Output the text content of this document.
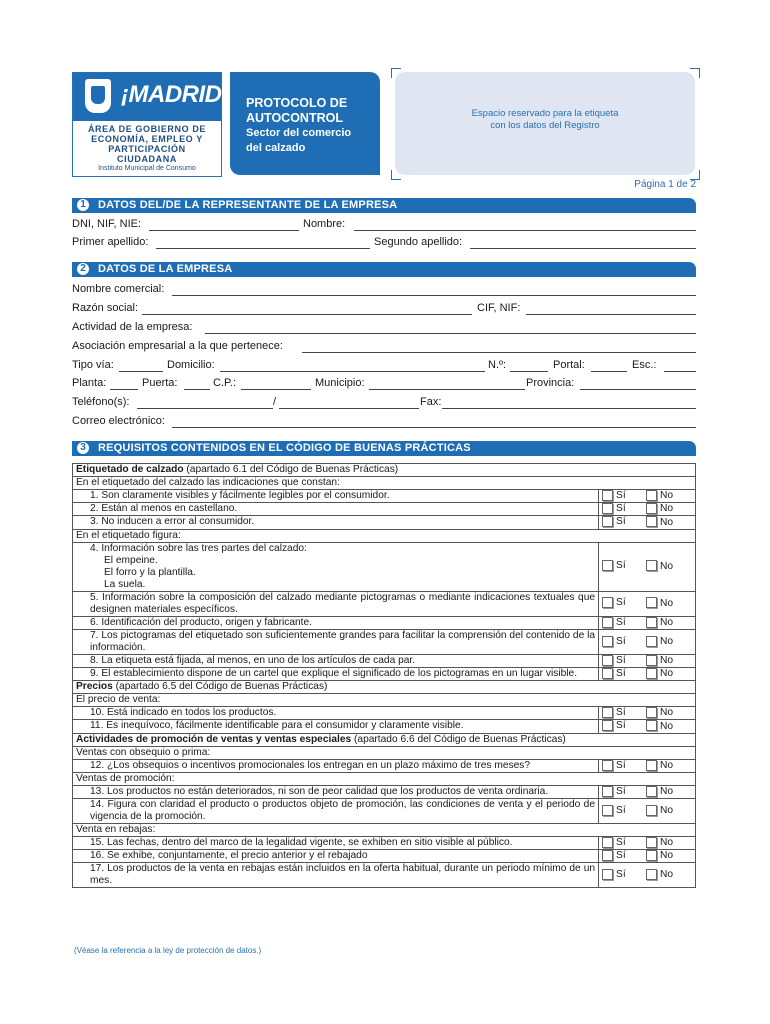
¡MADRID!
ÁREA DE GOBIERNO DE ECONOMÍA, EMPLEO Y PARTICIPACIÓN CIUDADANA
Instituto Municipal de Consumo
PROTOCOLO DE
AUTOCONTROL
Sector del comercio
del calzado
Espacio reservado para la etiqueta
con los datos del Registro
Página 1 de 2
1 DATOS DEL/DE LA REPRESENTANTE DE LA EMPRESA
DNI, NIF, NIE:	Nombre:
Primer apellido:	Segundo apellido:
2 DATOS DE LA EMPRESA
Nombre comercial:
Razón social:	CIF, NIF:
Actividad de la empresa:
Asociación empresarial a la que pertenece:
Tipo vía:	Domicilio:	N.º:	Portal:	Esc.:
Planta:	Puerta:	C.P.:	Municipio:	Provincia:
Teléfono(s):	/	Fax:
Correo electrónico:
3 REQUISITOS CONTENIDOS EN EL CÓDIGO DE BUENAS PRÁCTICAS
Etiquetado de calzado (apartado 6.1 del Código de Buenas Prácticas)	
En el etiquetado del calzado las indicaciones que constan:	

1. Son claramente visibles y fácilmente legibles por el consumidor.	Sí No

2. Están al menos en castellano.	Sí No

3. No inducen a error al consumidor.	Sí No

En el etiquetado figura:	

4. Información sobre las tres partes del calzado:
El empeine.
El forro y la plantilla.
La suela.	Sí No

5. Información sobre la composición del calzado mediante pictogramas o mediante indicaciones textuales que designen materiales específicos.	Sí No

6. Identificación del producto, origen y fabricante.	Sí No

7. Los pictogramas del etiquetado son suficientemente grandes para facilitar la comprensión del contenido de la información.	Sí No

8. La etiqueta está fijada, al menos, en uno de los artículos de cada par.	Sí No

9. El establecimiento dispone de un cartel que explique el significado de los pictogramas en un lugar visible.	Sí No

Precios (apartado 6.5 del Código de Buenas Prácticas)	
El precio de venta:	

10. Está indicado en todos los productos.	Sí No

11. Es inequívoco, fácilmente identificable para el consumidor y claramente visible.	Sí No

Actividades de promoción de ventas y ventas especiales (apartado 6.6 del Código de Buenas Prácticas)	
Ventas con obsequio o prima:	

12. ¿Los obsequios o incentivos promocionales los entregan en un plazo máximo de tres meses?	Sí No

Ventas de promoción:	

13. Los productos no están deteriorados, ni son de peor calidad que los productos de venta ordinaria.	Sí No

14. Figura con claridad el producto o productos objeto de promoción, las condiciones de venta y el periodo de vigencia de la promoción.	Sí No

Venta en rebajas:	

15. Las fechas, dentro del marco de la legalidad vigente, se exhiben en sitio visible al público.	Sí No

16. Se exhibe, conjuntamente, el precio anterior y el rebajado	Sí No

17. Los productos de la venta en rebajas están incluidos en la oferta habitual, durante un periodo mínimo de un mes.	Sí No
(Véase la referencia a la ley de protección de datos.)
